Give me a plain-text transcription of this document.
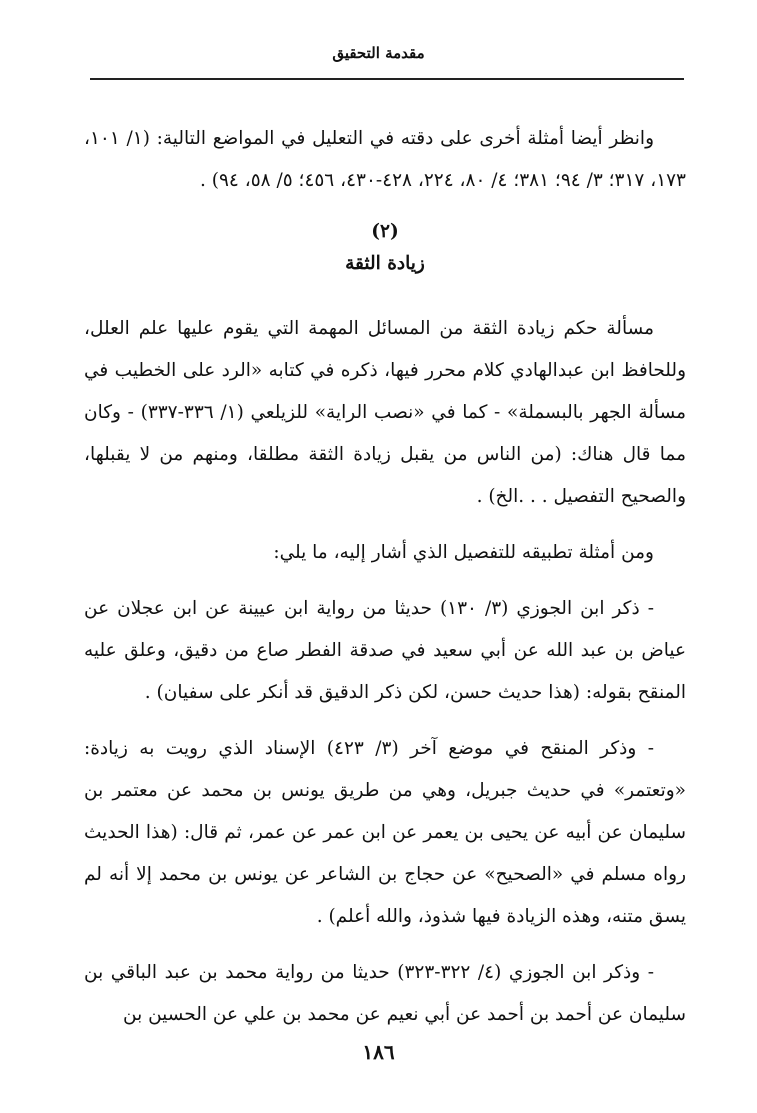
مقدمة التحقيق

وانظر أيضا أمثلة أخرى على دقته في التعليل في المواضع التالية: (١/ ١٠١، ١٧٣، ٣١٧؛ ٣/ ٩٤؛ ٣٨١؛ ٤/ ٨٠، ٢٢٤، ٤٢٨-٤٣٠، ٤٥٦؛ ٥/ ٥٨، ٩٤) .

(٢)
زيادة الثقة

مسألة حكم زيادة الثقة من المسائل المهمة التي يقوم عليها علم العلل، وللحافظ ابن عبدالهادي كلام محرر فيها، ذكره في كتابه «الرد على الخطيب في مسألة الجهر بالبسملة» - كما في «نصب الراية» للزيلعي (١/ ٣٣٦-٣٣٧) - وكان مما قال هناك: (من الناس من يقبل زيادة الثقة مطلقا، ومنهم من لا يقبلها، والصحيح التفصيل . . .الخ) .

ومن أمثلة تطبيقه للتفصيل الذي أشار إليه، ما يلي:

- ذكر ابن الجوزي (٣/ ١٣٠) حديثا من رواية ابن عيينة عن ابن عجلان عن عياض بن عبد الله عن أبي سعيد في صدقة الفطر صاع من دقيق، وعلق عليه المنقح بقوله: (هذا حديث حسن، لكن ذكر الدقيق قد أنكر على سفيان) .

- وذكر المنقح في موضع آخر (٣/ ٤٢٣) الإسناد الذي رويت به زيادة: «وتعتمر» في حديث جبريل، وهي من طريق يونس بن محمد عن معتمر بن سليمان عن أبيه عن يحيى بن يعمر عن ابن عمر عن عمر، ثم قال: (هذا الحديث رواه مسلم في «الصحيح» عن حجاج بن الشاعر عن يونس بن محمد إلا أنه لم يسق متنه، وهذه الزيادة فيها شذوذ، والله أعلم) .

- وذكر ابن الجوزي (٤/ ٣٢٢-٣٢٣) حديثا من رواية محمد بن عبد الباقي بن سليمان عن أحمد بن أحمد عن أبي نعيم عن محمد بن علي عن الحسين بن

١٨٦
